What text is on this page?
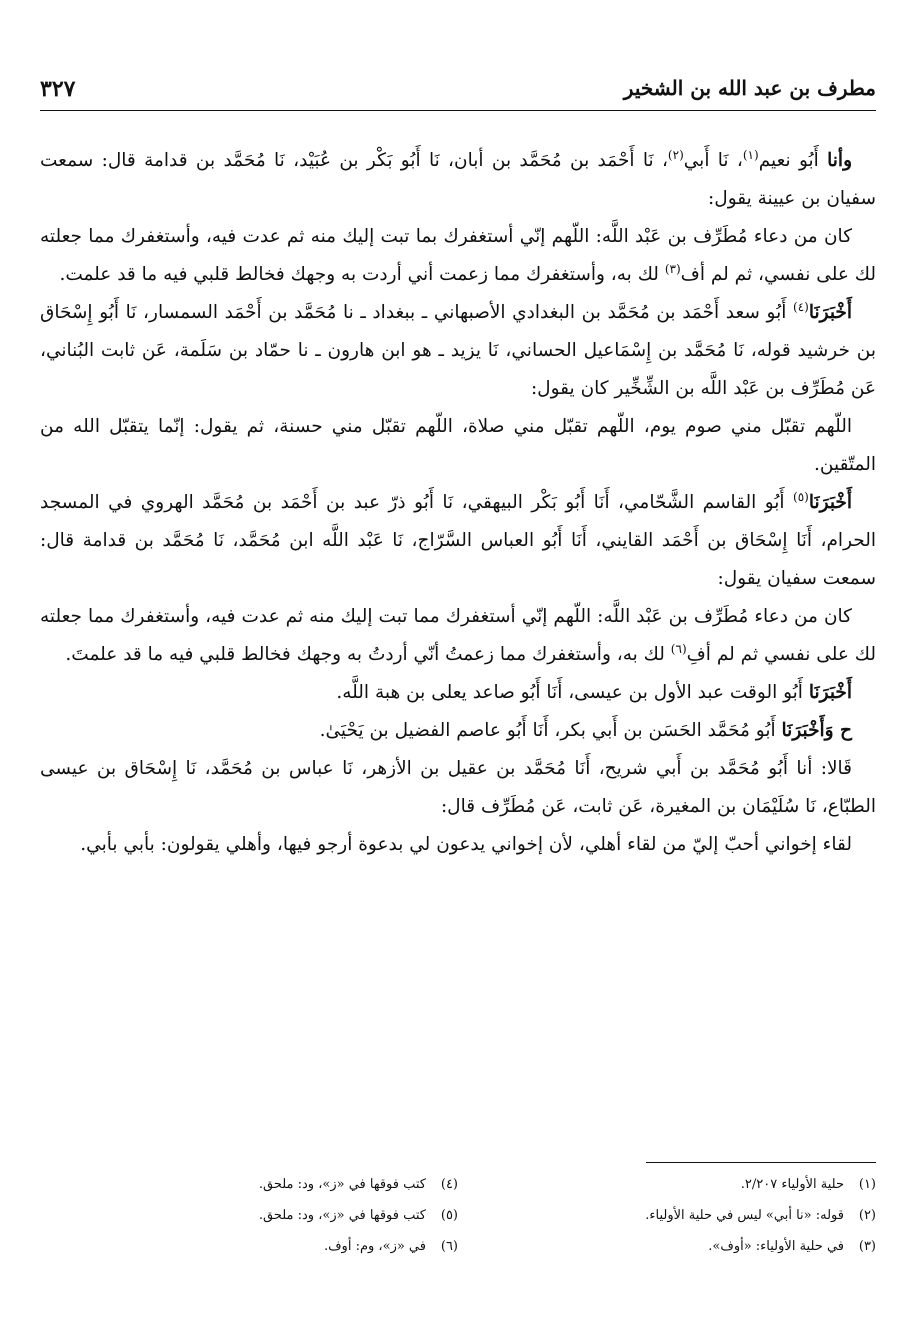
مطرف بن عبد الله بن الشخير
٣٢٧

وأنا أَبُو نعيم$^{(١)}$، نَا أَبي$^{(٢)}$، نَا أَحْمَد بن مُحَمَّد بن أبان، نَا أَبُو بَكْر بن عُبَيْد، نَا مُحَمَّد بن قدامة قال: سمعت سفيان بن عيينة يقول:

كان من دعاء مُطَرِّف بن عَبْد اللَّه: اللّهم إنّي أستغفرك بما تبت إليك منه ثم عدت فيه، وأستغفرك مما جعلته لك على نفسي، ثم لم أف$^{(٣)}$ لك به، وأستغفرك مما زعمت أني أردت به وجهك فخالط قلبي فيه ما قد علمت.

أَخْبَرَنَا$^{(٤)}$ أَبُو سعد أَحْمَد بن مُحَمَّد بن البغدادي الأصبهاني ـ ببغداد ـ نا مُحَمَّد بن أَحْمَد السمسار، نَا أَبُو إِسْحَاق بن خرشيد قوله، نَا مُحَمَّد بن إِسْمَاعيل الحساني، نَا يزيد ـ هو ابن هارون ـ نا حمّاد بن سَلَمة، عَن ثابت البُناني، عَن مُطَرِّف بن عَبْد اللَّه بن الشِّخِّير كان يقول:

اللّهم تقبّل مني صوم يوم، اللّهم تقبّل مني صلاة، اللّهم تقبّل مني حسنة، ثم يقول: إنّما يتقبّل الله من المتّقين.

أَخْبَرَنَا$^{(٥)}$ أَبُو القاسم الشَّحّامي، أَنَا أَبُو بَكْر البيهقي، نَا أَبُو ذرّ عبد بن أَحْمَد بن مُحَمَّد الهروي في المسجد الحرام، أَنَا إِسْحَاق بن أَحْمَد القايني، أَنَا أَبُو العباس السَّرّاج، نَا عَبْد اللَّه ابن مُحَمَّد، نَا مُحَمَّد بن قدامة قال: سمعت سفيان يقول:

كان من دعاء مُطَرِّف بن عَبْد اللَّه: اللّهم إنّي أستغفرك مما تبت إليك منه ثم عدت فيه، وأستغفرك مما جعلته لك على نفسي ثم لم أفِ$^{(٦)}$ لك به، وأستغفرك مما زعمتُ أنّي أردتُ به وجهك فخالط قلبي فيه ما قد علمتَ.

أَخْبَرَنَا أَبُو الوقت عبد الأول بن عيسى، أَنَا أَبُو صاعد يعلى بن هبة اللَّه.

ح وَأَخْبَرَنَا أَبُو مُحَمَّد الحَسَن بن أَبي بكر، أَنَا أَبُو عاصم الفضيل بن يَحْيَىٰ.

قَالا: أنا أَبُو مُحَمَّد بن أَبي شريح، أَنَا مُحَمَّد بن عقيل بن الأزهر، نَا عباس بن مُحَمَّد، نَا إِسْحَاق بن عيسى الطبّاع، نَا سُلَيْمَان بن المغيرة، عَن ثابت، عَن مُطَرِّف قال:

لقاء إخواني أحبّ إليّ من لقاء أهلي، لأن إخواني يدعون لي بدعوة أرجو فيها، وأهلي يقولون: بأبي بأبي.

(١)حلية الأولياء ٢/٢٠٧.
(٢)قوله: «نا أبي» ليس في حلية الأولياء.
(٣)في حلية الأولياء: «أوف».
(٤)كتب فوقها في «ز»، ود: ملحق.
(٥)كتب فوقها في «ز»، ود: ملحق.
(٦)في «ز»، وم: أوف.
